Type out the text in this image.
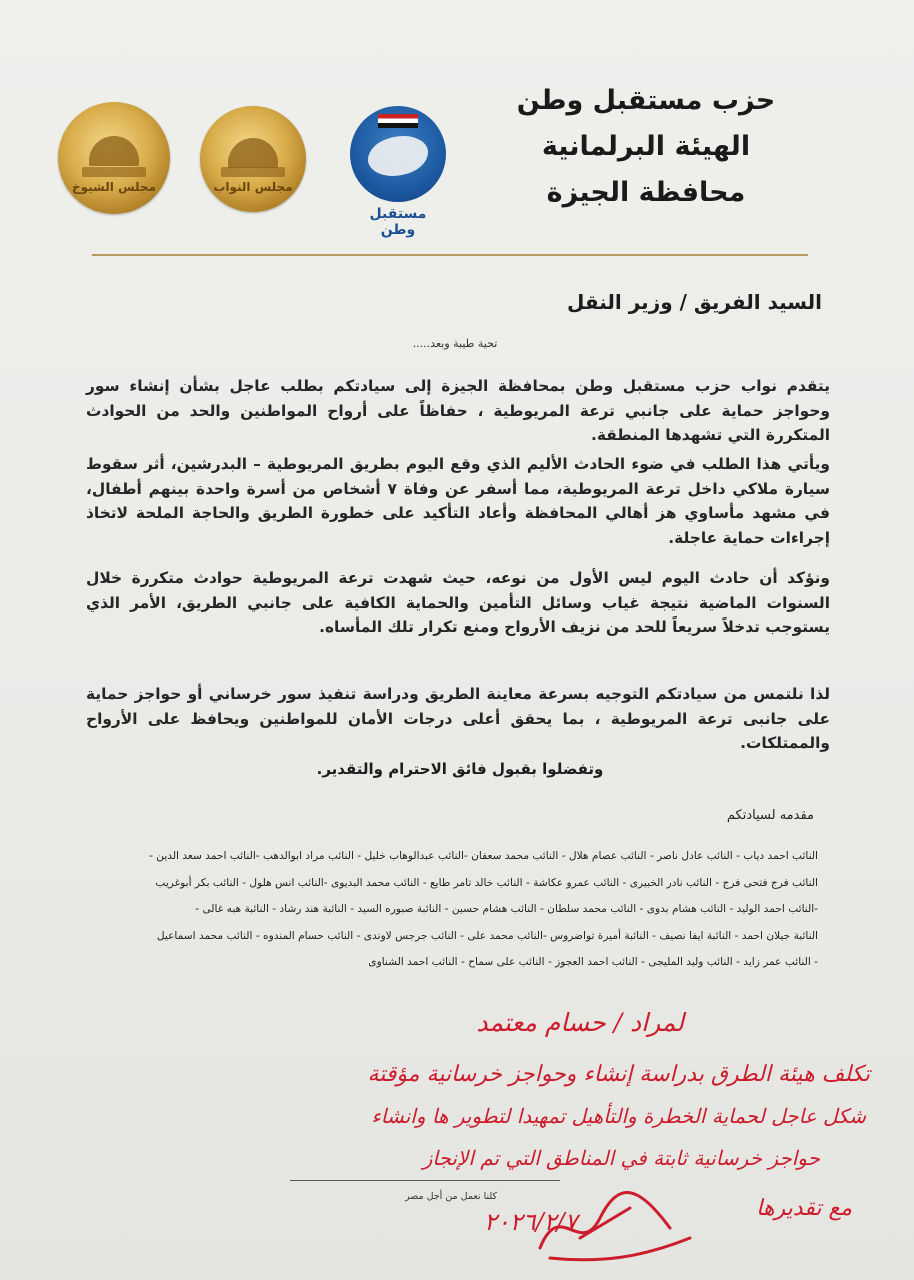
مجلس الشيوخ	مجلس النواب
مستقبل وطن
حزب مستقبل وطن
الهيئة البرلمانية
محافظة الجيزة
السيد الفريق / وزير النقل
تحية طيبة وبعد.....
يتقدم نواب حزب مستقبل وطن بمحافظة الجيزة إلى سيادتكم بطلب عاجل بشأن إنشاء سور وحواجز حماية على جانبي ترعة المريوطية ، حفاظاً على أرواح المواطنين والحد من الحوادث المتكررة التي تشهدها المنطقة.
ويأتي هذا الطلب في ضوء الحادث الأليم الذي وقع اليوم بطريق المريوطية – البدرشين، أثر سقوط سيارة ملاكي داخل ترعة المريوطية، مما أسفر عن وفاة ٧ أشخاص من أسرة واحدة بينهم أطفال، في مشهد مأساوي هز أهالي المحافظة وأعاد التأكيد على خطورة الطريق والحاجة الملحة لاتخاذ إجراءات حماية عاجلة.
ونؤكد أن حادث اليوم ليس الأول من نوعه، حيث شهدت ترعة المريوطية حوادث متكررة خلال السنوات الماضية نتيجة غياب وسائل التأمين والحماية الكافية على جانبي الطريق، الأمر الذي يستوجب تدخلاً سريعاً للحد من نزيف الأرواح ومنع تكرار تلك المأساه.
لذا نلتمس من سيادتكم التوجيه بسرعة معاينة الطريق ودراسة تنفيذ سور خرساني أو حواجز حماية على جانبى ترعة المريوطية ، بما يحقق أعلى درجات الأمان للمواطنين ويحافظ على الأرواح والممتلكات.
وتفضلوا بقبول فائق الاحترام والتقدير.
مقدمه لسيادتكم
النائب احمد دياب - النائب عادل ناصر - النائب عصام هلال - النائب محمد سعفان -النائب عبدالوهاب خليل - النائب مراد ابوالدهب -النائب احمد سعد الدين -
النائب فرج فتحى فرج - النائب نادر الخبيرى - النائب عمرو عكاشة - النائب خالد تامر طايع - النائب محمد البديوى -النائب انس هلول - النائب بكر أبوغريب
-النائب احمد الوليد - النائب هشام بدوى - النائب محمد سلطان - النائب هشام حسين - النائبة صبوره السيد - النائبة هند رشاد - النائبة هبه غالى -
النائبة جيلان احمد - النائبة ايفا نصيف - النائبة أميرة تواضروس -النائب محمد على - النائب جرجس لاوندى - النائب حسام المندوه - النائب محمد اسماعيل
- النائب عمر زايد - النائب وليد المليجى - النائب احمد العجوز - النائب على سماح - النائب احمد الشناوى
لمراد / حسام معتمد
تكلف هيئة الطرق بدراسة إنشاء وحواجز خرسانية مؤقتة
شكل عاجل لحماية الخطرة والتأهيل تمهيدا لتطوير ها وانشاء
حواجز خرسانية ثابتة في المناطق التي تم الإنجاز
مع تقديرها
كلنا نعمل من أجل مصر
٢٠٢٦/٢/٧
